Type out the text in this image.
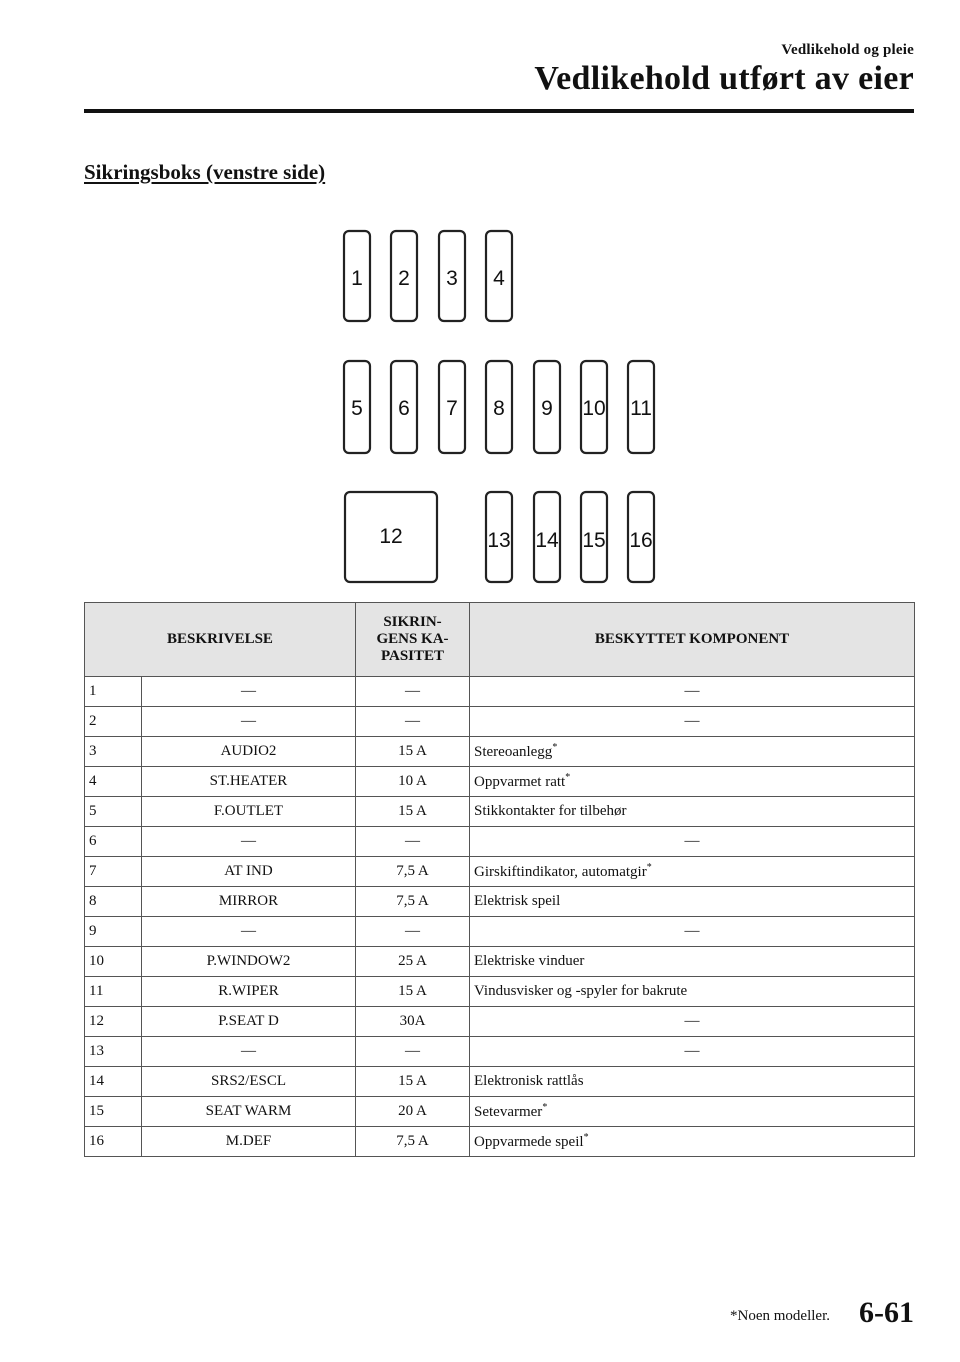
Vedlikehold og pleie
Vedlikehold utført av eier
Sikringsboks (venstre side)
1 2 3 4
5 6 7 8 9 10 11
12	13 14 15 16
BESKRIVELSE		SIKRIN-
GENS KA-
PASITET	BESKYTTET KOMPONENT
1	—	—	—
2	—	—	—
3	AUDIO2	15 A	Stereoanlegg*
4	ST.HEATER	10 A	Oppvarmet ratt*
5	F.OUTLET	15 A	Stikkontakter for tilbehør
6	—	—	—
7	AT IND	7,5 A	Girskiftindikator, automatgir*
8	MIRROR	7,5 A	Elektrisk speil
9	—	—	—
10	P.WINDOW2	25 A	Elektriske vinduer
11	R.WIPER	15 A	Vindusvisker og -spyler for bakrute
12	P.SEAT D	30A	—
13	—	—	—
14	SRS2/ESCL	15 A	Elektronisk rattlås
15	SEAT WARM	20 A	Setevarmer*
16	M.DEF	7,5 A	Oppvarmede speil*
*Noen modeller. 6-61
